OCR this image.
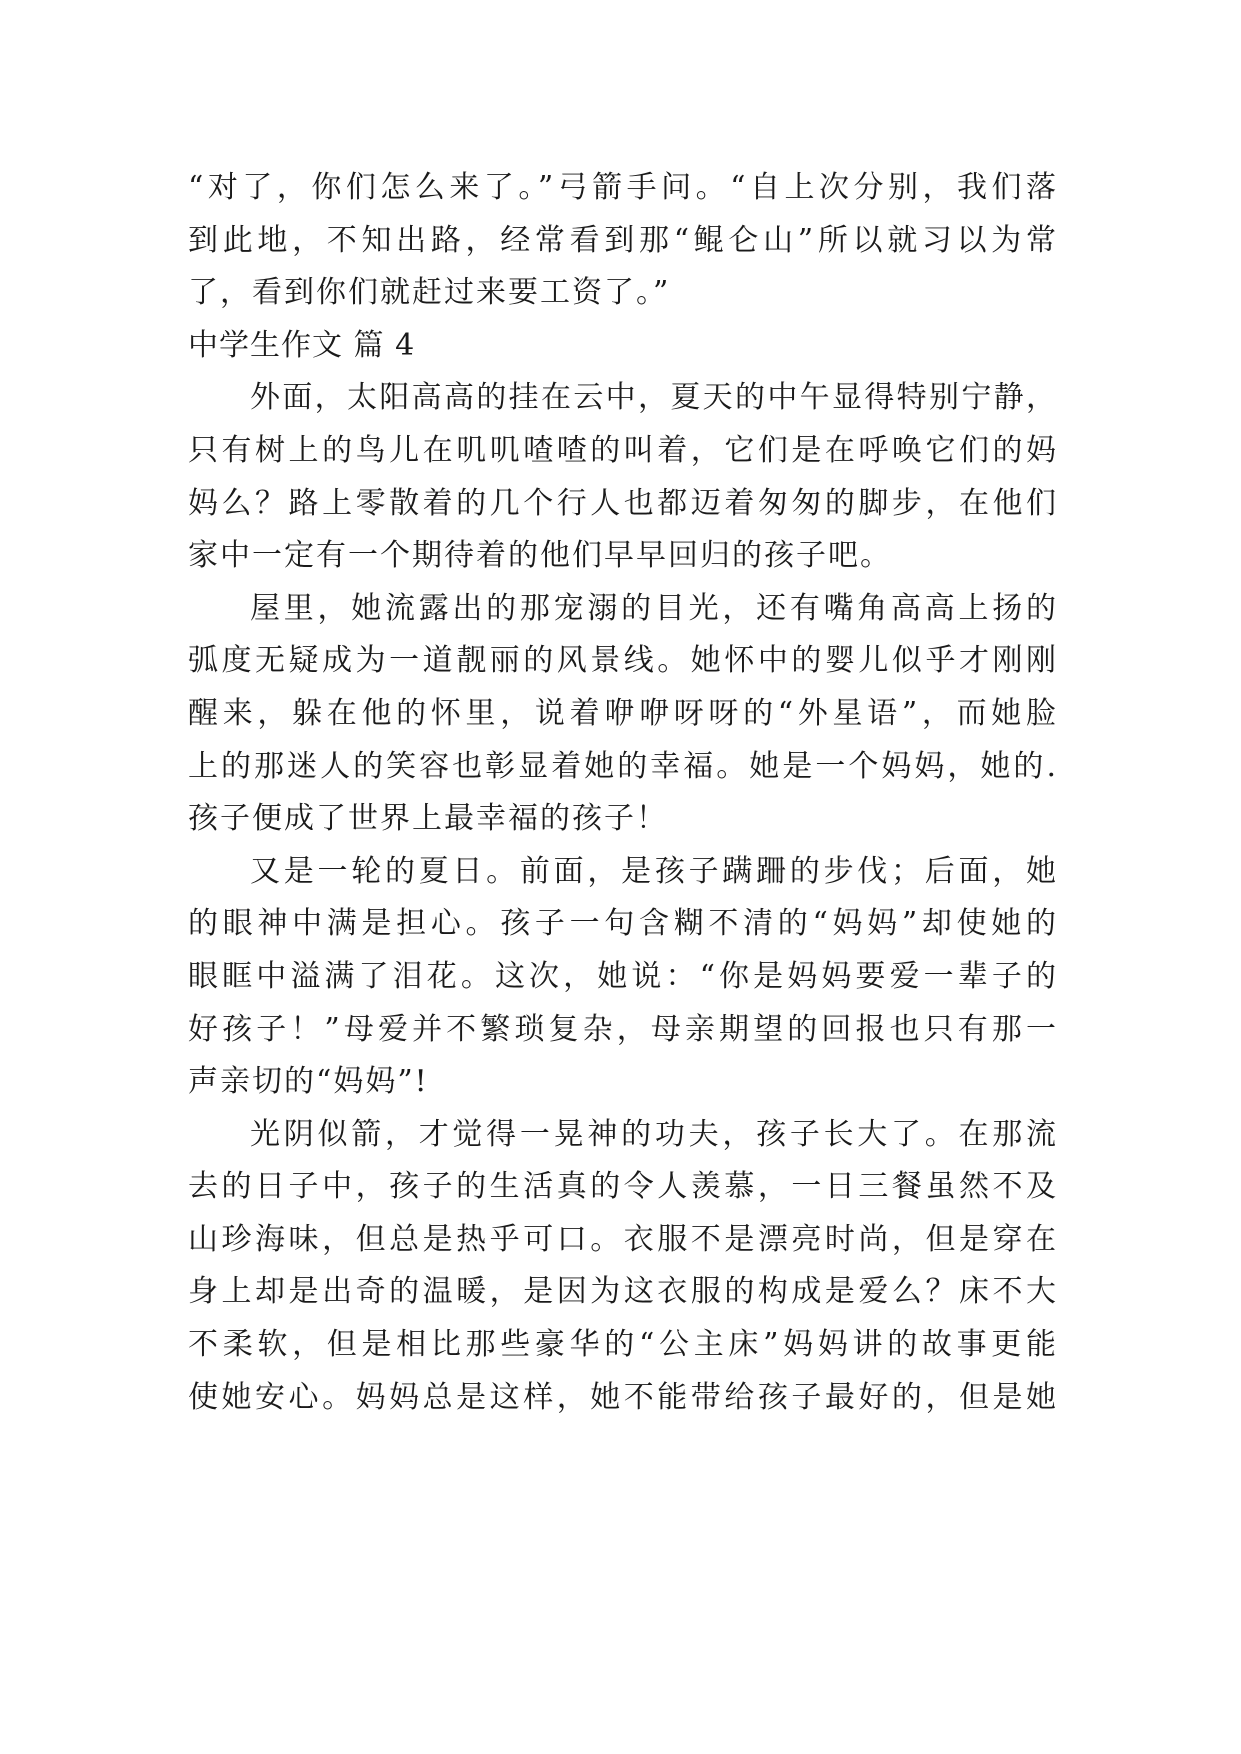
“对了，你们怎么来了。”弓箭手问。“自上次分别，我们落
到此地，不知出路，经常看到那“鲲仑山”所以就习以为常
了，看到你们就赶过来要工资了。”
中学生作文 篇 4
外面，太阳高高的挂在云中，夏天的中午显得特别宁静，
只有树上的鸟儿在叽叽喳喳的叫着，它们是在呼唤它们的妈
妈么？路上零散着的几个行人也都迈着匆匆的脚步，在他们
家中一定有一个期待着的他们早早回归的孩子吧。
屋里，她流露出的那宠溺的目光，还有嘴角高高上扬的
弧度无疑成为一道靓丽的风景线。她怀中的婴儿似乎才刚刚
醒来，躲在他的怀里，说着咿咿呀呀的“外星语”，而她脸
上的那迷人的笑容也彰显着她的幸福。她是一个妈妈，她的.
孩子便成了世界上最幸福的孩子！
又是一轮的夏日。前面，是孩子蹒跚的步伐；后面，她
的眼神中满是担心。孩子一句含糊不清的“妈妈”却使她的
眼眶中溢满了泪花。这次，她说：“你是妈妈要爱一辈子的
好孩子！”母爱并不繁琐复杂，母亲期望的回报也只有那一
声亲切的“妈妈”!
光阴似箭，才觉得一晃神的功夫，孩子长大了。在那流
去的日子中，孩子的生活真的令人羡慕，一日三餐虽然不及
山珍海味，但总是热乎可口。衣服不是漂亮时尚，但是穿在
身上却是出奇的温暖，是因为这衣服的构成是爱么？床不大
不柔软，但是相比那些豪华的“公主床”妈妈讲的故事更能
使她安心。妈妈总是这样，她不能带给孩子最好的，但是她
